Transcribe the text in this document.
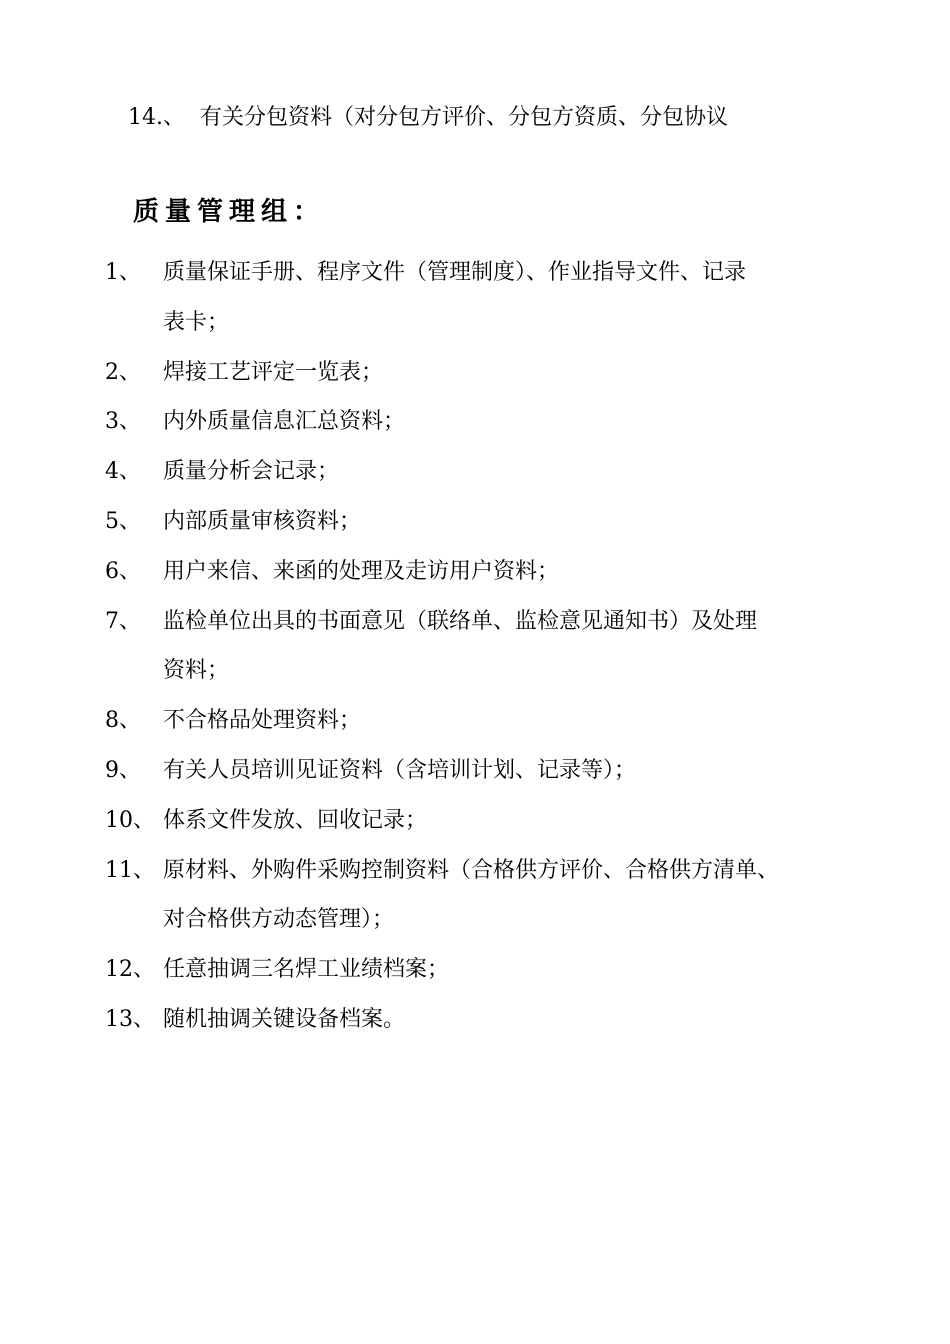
14.、 有关分包资料（对分包方评价、分包方资质、分包协议
质量管理组：
1、	质量保证手册、程序文件（管理制度）、作业指导文件、记录
表卡；
2、	焊接工艺评定一览表；
3、	内外质量信息汇总资料；
4、	质量分析会记录；
5、	内部质量审核资料；
6、	用户来信、来函的处理及走访用户资料；
7、	监检单位出具的书面意见（联络单、监检意见通知书）及处理
资料；
8、	不合格品处理资料；
9、	有关人员培训见证资料（含培训计划、记录等）；
10、 体系文件发放、回收记录；
11、 原材料、外购件采购控制资料（合格供方评价、合格供方清单、
对合格供方动态管理）；
12、 任意抽调三名焊工业绩档案；
13、 随机抽调关键设备档案。
